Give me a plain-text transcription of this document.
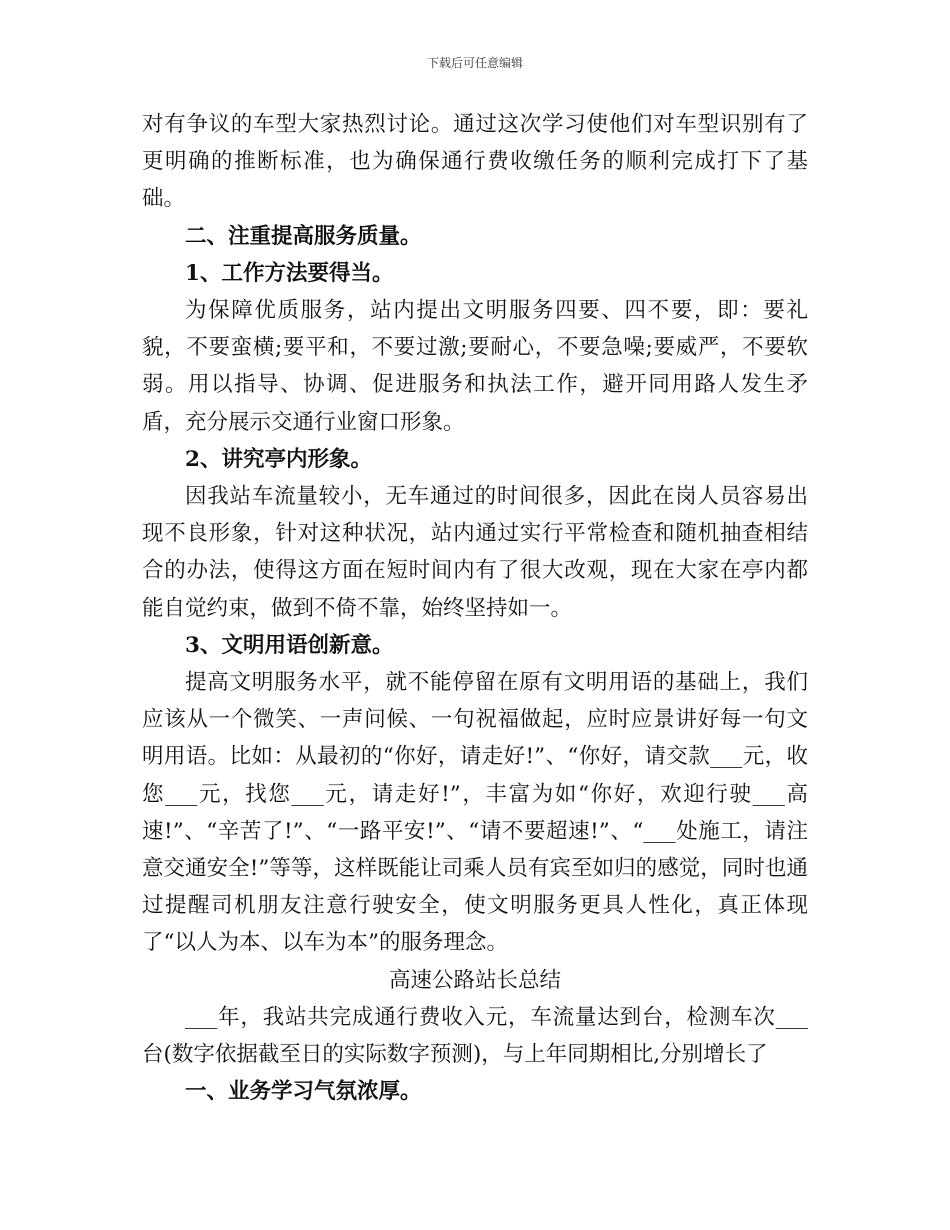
下载后可任意编辑

对有争议的车型大家热烈讨论。通过这次学习使他们对车型识别有了更明确的推断标准，也为确保通行费收缴任务的顺利完成打下了基础。

二、注重提高服务质量。

1、工作方法要得当。

为保障优质服务，站内提出文明服务四要、四不要，即：要礼貌，不要蛮横;要平和，不要过激;要耐心，不要急噪;要威严，不要软弱。用以指导、协调、促进服务和执法工作，避开同用路人发生矛盾，充分展示交通行业窗口形象。

2、讲究亭内形象。

因我站车流量较小，无车通过的时间很多，因此在岗人员容易出现不良形象，针对这种状况，站内通过实行平常检查和随机抽查相结合的办法，使得这方面在短时间内有了很大改观，现在大家在亭内都能自觉约束，做到不倚不靠，始终坚持如一。

3、文明用语创新意。

提高文明服务水平，就不能停留在原有文明用语的基础上，我们应该从一个微笑、一声问候、一句祝福做起，应时应景讲好每一句文明用语。比如：从最初的“你好，请走好!”、“你好，请交款___元，收您___元，找您___元，请走好!”，丰富为如“你好，欢迎行驶___高速!”、“辛苦了!”、“一路平安!”、“请不要超速!”、“___处施工，请注意交通安全!”等等，这样既能让司乘人员有宾至如归的感觉，同时也通过提醒司机朋友注意行驶安全，使文明服务更具人性化，真正体现了“以人为本、以车为本”的服务理念。

高速公路站长总结

___年，我站共完成通行费收入元，车流量达到台，检测车次___台(数字依据截至日的实际数字预测)，与上年同期相比,分别增长了

一、业务学习气氛浓厚。
